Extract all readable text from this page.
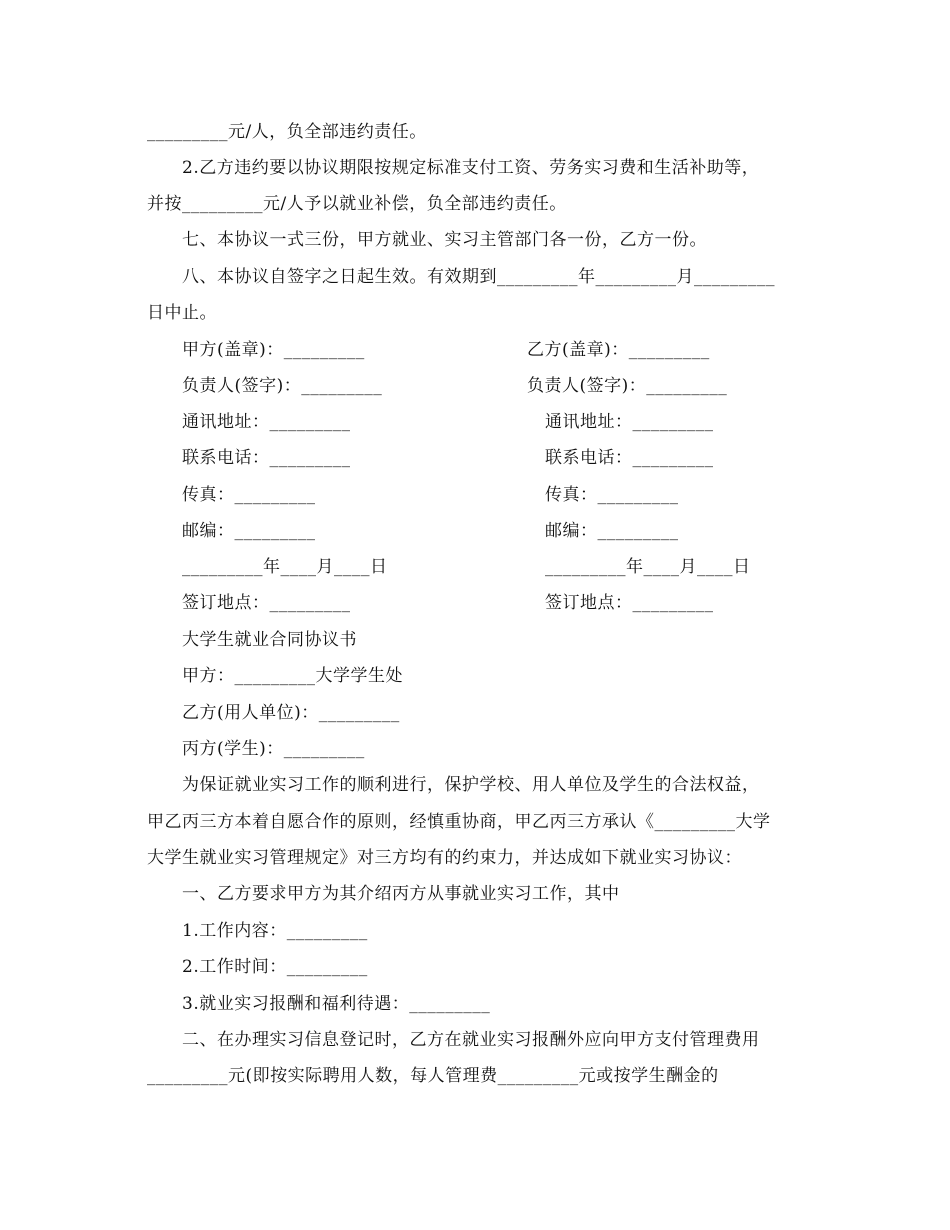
_________元/人，负全部违约责任。
2.乙方违约要以协议期限按规定标准支付工资、劳务实习费和生活补助等，
并按_________元/人予以就业补偿，负全部违约责任。
七、本协议一式三份，甲方就业、实习主管部门各一份，乙方一份。
八、本协议自签字之日起生效。有效期到_________年_________月_________
日中止。
甲方(盖章)：_________	乙方(盖章)：_________
负责人(签字)：_________	负责人(签字)：_________
通讯地址：_________	通讯地址：_________
联系电话：_________	联系电话：_________
传真：_________	传真：_________
邮编：_________	邮编：_________
_________年____月____日	_________年____月____日
签订地点：_________	签订地点：_________
大学生就业合同协议书
甲方：_________大学学生处
乙方(用人单位)：_________
丙方(学生)：_________
为保证就业实习工作的顺利进行，保护学校、用人单位及学生的合法权益，
甲乙丙三方本着自愿合作的原则，经慎重协商，甲乙丙三方承认《_________大学
大学生就业实习管理规定》对三方均有的约束力，并达成如下就业实习协议：
一、乙方要求甲方为其介绍丙方从事就业实习工作，其中
1.工作内容：_________
2.工作时间：_________
3.就业实习报酬和福利待遇：_________
二、在办理实习信息登记时，乙方在就业实习报酬外应向甲方支付管理费用
_________元(即按实际聘用人数，每人管理费_________元或按学生酬金的
